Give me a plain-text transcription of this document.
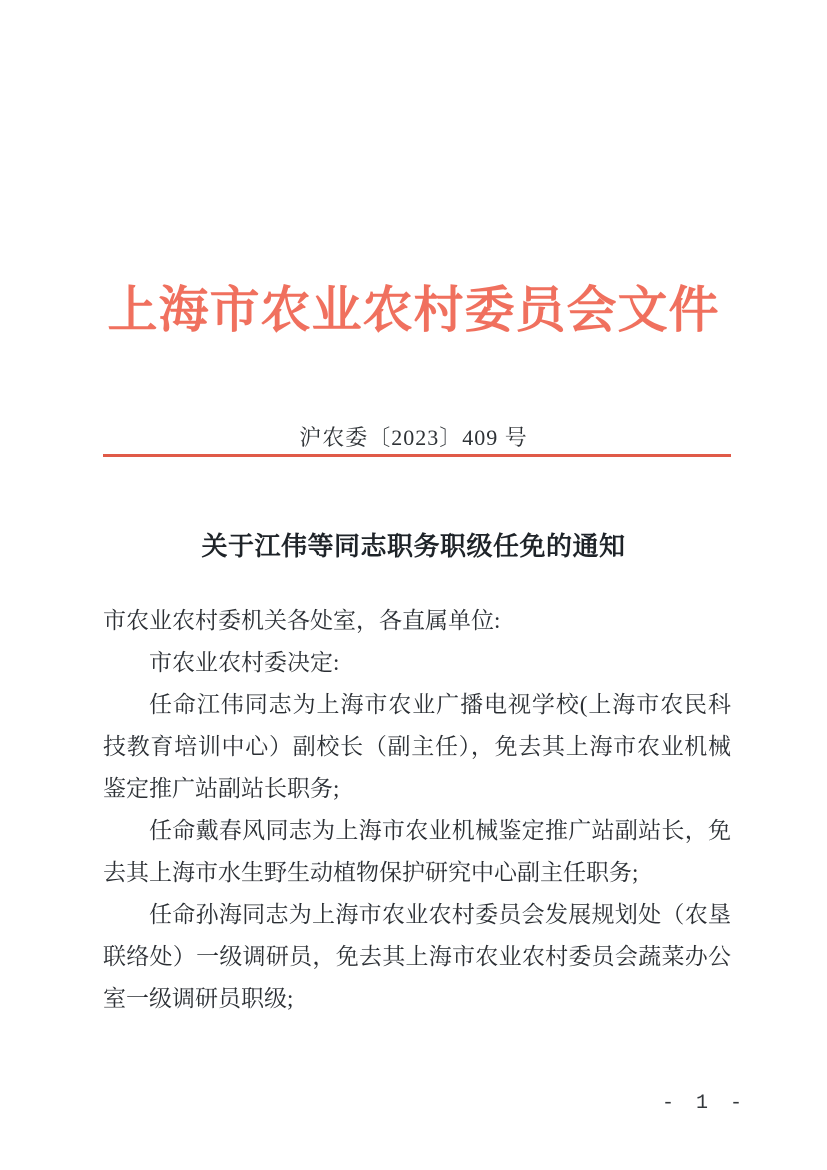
上海市农业农村委员会文件
沪农委〔2023〕409 号
关于江伟等同志职务职级任免的通知

市农业农村委机关各处室，各直属单位:

市农业农村委决定:

任命江伟同志为上海市农业广播电视学校(上海市农民科技教育培训中心）副校长（副主任），免去其上海市农业机械鉴定推广站副站长职务;

任命戴春风同志为上海市农业机械鉴定推广站副站长，免去其上海市水生野生动植物保护研究中心副主任职务;

任命孙海同志为上海市农业农村委员会发展规划处（农垦联络处）一级调研员，免去其上海市农业农村委员会蔬菜办公室一级调研员职级;

- 1 -
